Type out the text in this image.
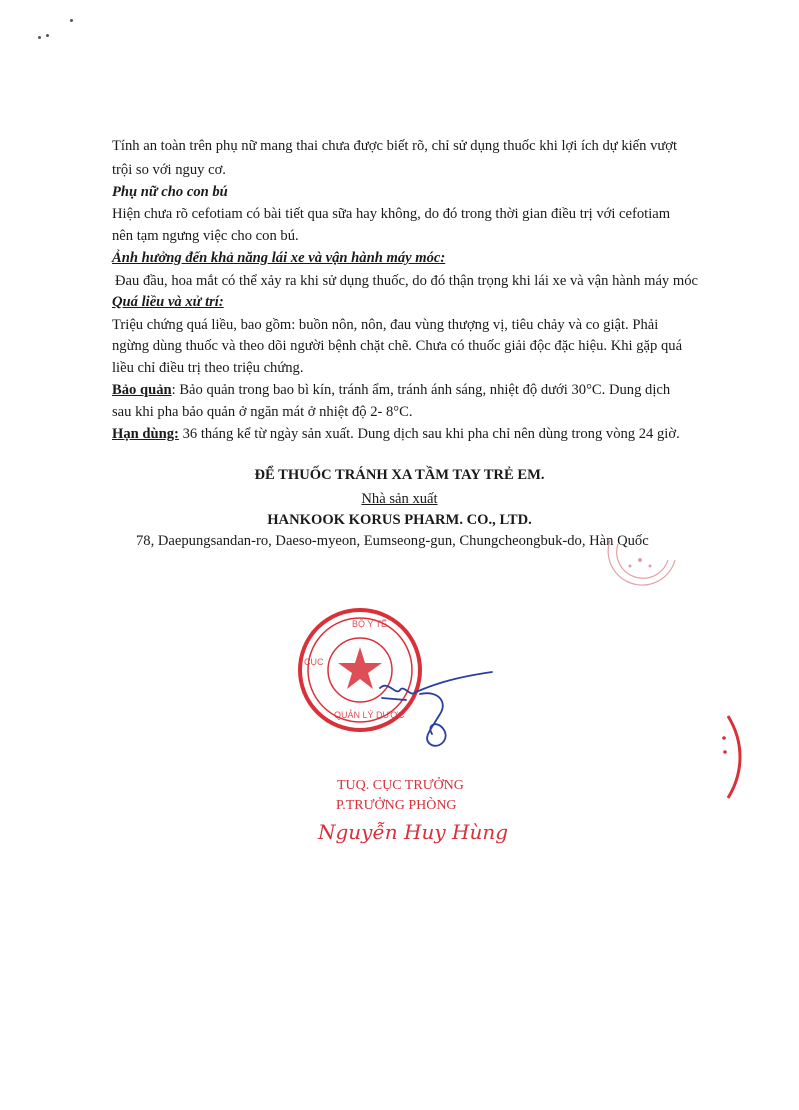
Tính an toàn trên phụ nữ mang thai chưa được biết rõ, chỉ sử dụng thuốc khi lợi ích dự kiến vượt
trội so với nguy cơ.
Phụ nữ cho con bú
Hiện chưa rõ cefotiam có bài tiết qua sữa hay không, do đó trong thời gian điều trị với cefotiam
nên tạm ngưng việc cho con bú.
Ảnh hưởng đến khả năng lái xe và vận hành máy móc:
Đau đầu, hoa mắt có thể xảy ra khi sử dụng thuốc, do đó thận trọng khi lái xe và vận hành máy móc
Quá liều và xử trí:
Triệu chứng quá liều, bao gồm: buồn nôn, nôn, đau vùng thượng vị, tiêu chảy và co giật. Phải
ngừng dùng thuốc và theo dõi người bệnh chặt chẽ. Chưa có thuốc giải độc đặc hiệu. Khi gặp quá
liều chỉ điều trị theo triệu chứng.
Bảo quản: Bảo quản trong bao bì kín, tránh ẩm, tránh ánh sáng, nhiệt độ dưới 30°C. Dung dịch
sau khi pha bảo quản ở ngăn mát ở nhiệt độ 2- 8°C.
Hạn dùng: 36 tháng kể từ ngày sản xuất. Dung dịch sau khi pha chỉ nên dùng trong vòng 24 giờ.
ĐỂ THUỐC TRÁNH XA TẦM TAY TRẺ EM.
Nhà sản xuất
HANKOOK KORUS PHARM. CO., LTD.
78, Daepungsandan-ro, Daeso-myeon, Eumseong-gun, Chungcheongbuk-do, Hàn Quốc
BỘ Y TẾ
QUẢN LÝ DƯỢC
CỤC
TUQ. CỤC TRƯỞNG
P.TRƯỞNG PHÒNG
Nguyễn Huy Hùng
